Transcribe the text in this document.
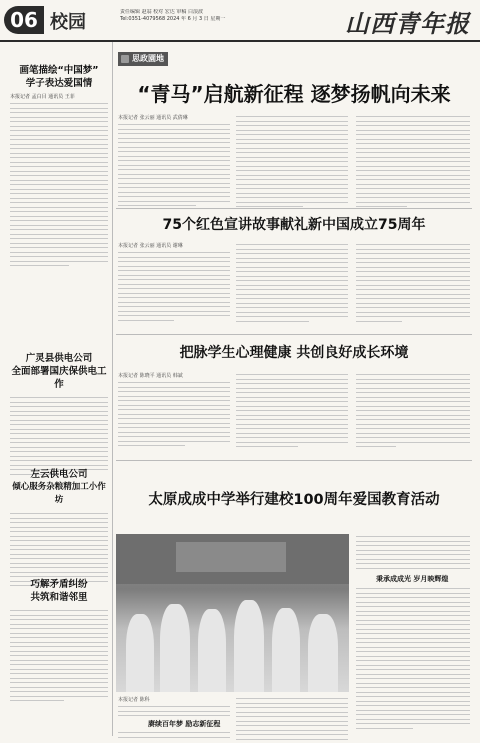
06 校园	责任编辑 赵翁 校对 宏达 审稿 白浪波
Tel:0351-4079568 2024 年 6 月 3 日 星期一	山西青年报
画笔描绘“中国梦”
学子表达爱国情
本报记者 孟白目 通讯员 王菲
广灵县供电公司
全面部署国庆保供电工作
左云供电公司
倾心服务杂粮精加工小作坊
巧解矛盾纠纷
共筑和谐邻里
思政園地
“青马”启航新征程 逐梦扬帆向未来
本报记者 张云丽 通讯员 武倩琳
75个红色宣讲故事献礼新中国成立75周年
本报记者 张云丽 通讯员 谢琳
把脉学生心理健康 共创良好成长环境
本报记者 陈晓平 通讯员 韩斌
太原成成中学举行建校100周年爱国教育活动
本报记者 陈科
赓续百年梦 励志新征程
秉承成成光 岁月映辉煌
